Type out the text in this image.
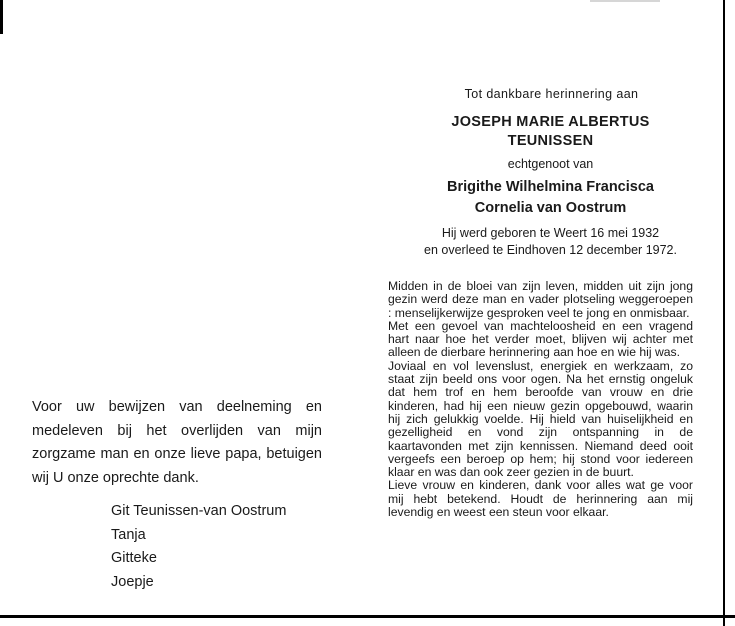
Tot dankbare herinnering aan
JOSEPH MARIE ALBERTUS
TEUNISSEN
echtgenoot van
Brigithe Wilhelmina Francisca
Cornelia van Oostrum
Hij werd geboren te Weert 16 mei 1932
en overleed te Eindhoven 12 december 1972.

Midden in de bloei van zijn leven, midden uit zijn jong gezin werd deze man en vader plotseling weggeroepen : menselijkerwijze gesproken veel te jong en onmisbaar.

Met een gevoel van machteloosheid en een vragend hart naar hoe het verder moet, blijven wij achter met alleen de dierbare herinnering aan hoe en wie hij was.

Joviaal en vol levenslust, energiek en werkzaam, zo staat zijn beeld ons voor ogen. Na het ernstig ongeluk dat hem trof en hem beroofde van vrouw en drie kinderen, had hij een nieuw gezin opgebouwd, waarin hij zich gelukkig voelde. Hij hield van huiselijkheid en gezelligheid en vond zijn ontspanning in de kaartavonden met zijn kennissen. Niemand deed ooit vergeefs een beroep op hem; hij stond voor iedereen klaar en was dan ook zeer gezien in de buurt.

Lieve vrouw en kinderen, dank voor alles wat ge voor mij hebt betekend. Houdt de herinnering aan mij levendig en weest een steun voor elkaar.

Voor uw bewijzen van deelneming en medeleven bij het overlijden van mijn zorgzame man en onze lieve papa, betuigen wij U onze oprechte dank.
Git Teunissen-van Oostrum
Tanja
Gitteke
Joepje
